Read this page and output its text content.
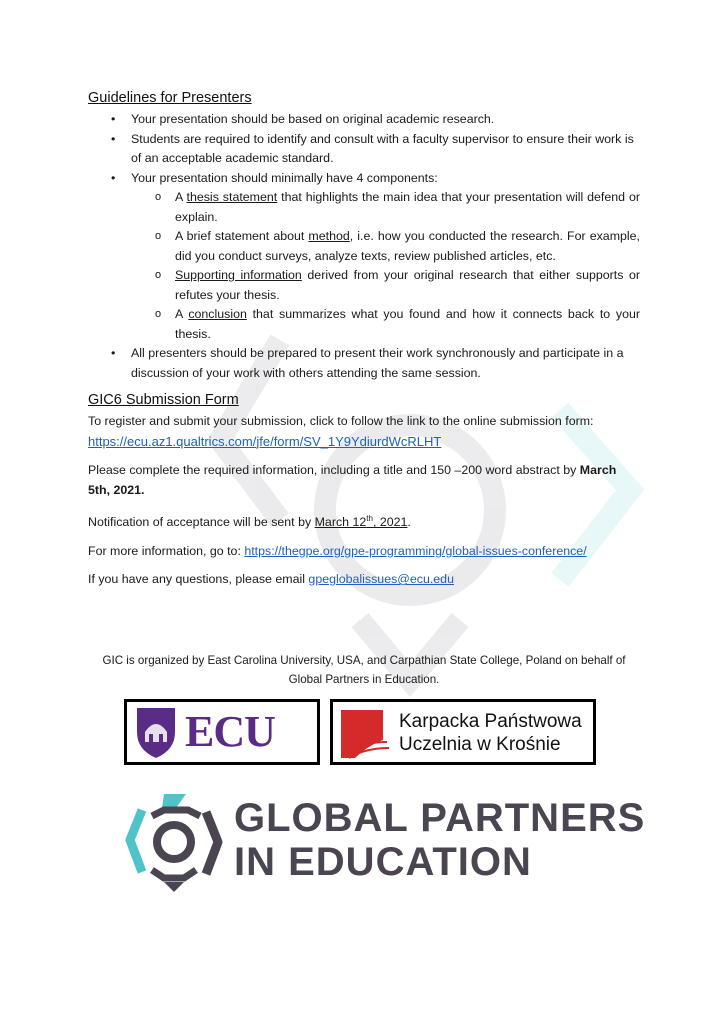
Guidelines for Presenters
• Your presentation should be based on original academic research.
• Students are required to identify and consult with a faculty supervisor to ensure their work is of an acceptable academic standard.
• Your presentation should minimally have 4 components:
o A thesis statement that highlights the main idea that your presentation will defend or explain.
o A brief statement about method, i.e. how you conducted the research. For example, did you conduct surveys, analyze texts, review published articles, etc.
o Supporting information derived from your original research that either supports or refutes your thesis.
o A conclusion that summarizes what you found and how it connects back to your thesis.
• All presenters should be prepared to present their work synchronously and participate in a discussion of your work with others attending the same session.
GIC6 Submission Form

To register and submit your submission, click to follow the link to the online submission form: https://ecu.az1.qualtrics.com/jfe/form/SV_1Y9YdiurdWcRLHT

Please complete the required information, including a title and 150 –200 word abstract by March 5th, 2021.

Notification of acceptance will be sent by March 12th, 2021.

For more information, go to: https://thegpe.org/gpe-programming/global-issues-conference/

If you have any questions, please email gpeglobalissues@ecu.edu

GIC is organized by East Carolina University, USA, and Carpathian State College, Poland on behalf of Global Partners in Education.
ECU	Karpacka Państwowa
Uczelnia w Krośnie
GLOBAL PARTNERS
IN EDUCATION
